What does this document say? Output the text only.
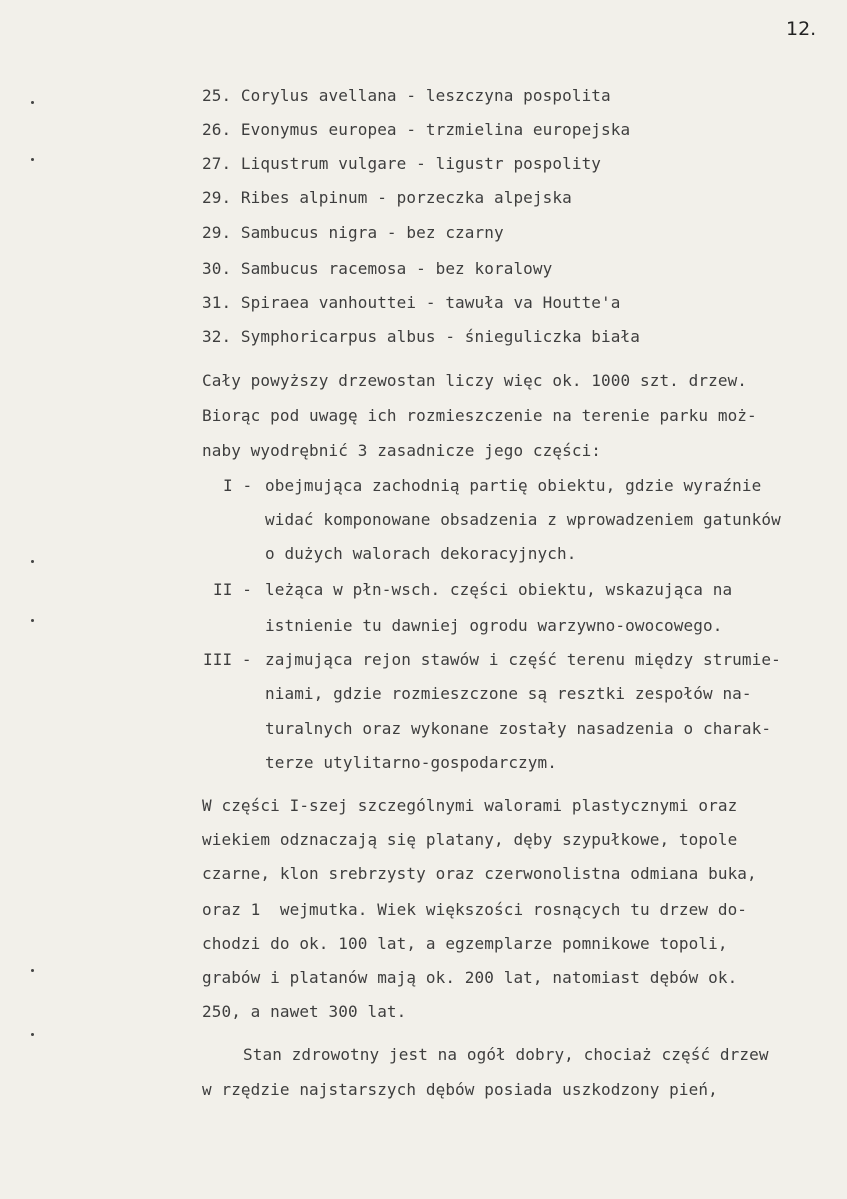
12.
25. Corylus avellana - leszczyna pospolita
26. Evonymus europea - trzmielina europejska
27. Liqustrum vulgare - ligustr pospolity
29. Ribes alpinum - porzeczka alpejska
29. Sambucus nigra - bez czarny
30. Sambucus racemosa - bez koralowy
31. Spiraea vanhouttei - tawuła va Houtte'a
32. Symphoricarpus albus - śnieguliczka biała
Cały powyższy drzewostan liczy więc ok. 1000 szt. drzew.
Biorąc pod uwagę ich rozmieszczenie na terenie parku moż-
naby wyodrębnić 3 zasadnicze jego części:
I - obejmująca zachodnią partię obiektu, gdzie wyraźnie
widać komponowane obsadzenia z wprowadzeniem gatunków
o dużych walorach dekoracyjnych.
II - leżąca w płn-wsch. części obiektu, wskazująca na
istnienie tu dawniej ogrodu warzywno-owocowego.
III - zajmująca rejon stawów i część terenu między strumie-
niami, gdzie rozmieszczone są resztki zespołów na-
turalnych oraz wykonane zostały nasadzenia o charak-
terze utylitarno-gospodarczym.
W części I-szej szczególnymi walorami plastycznymi oraz
wiekiem odznaczają się platany, dęby szypułkowe, topole
czarne, klon srebrzysty oraz czerwonolistna odmiana buka,
oraz 1  wejmutka. Wiek większości rosnących tu drzew do-
chodzi do ok. 100 lat, a egzemplarze pomnikowe topoli,
grabów i platanów mają ok. 200 lat, natomiast dębów ok.
250, a nawet 300 lat.
Stan zdrowotny jest na ogół dobry, chociaż część drzew
w rzędzie najstarszych dębów posiada uszkodzony pień,
